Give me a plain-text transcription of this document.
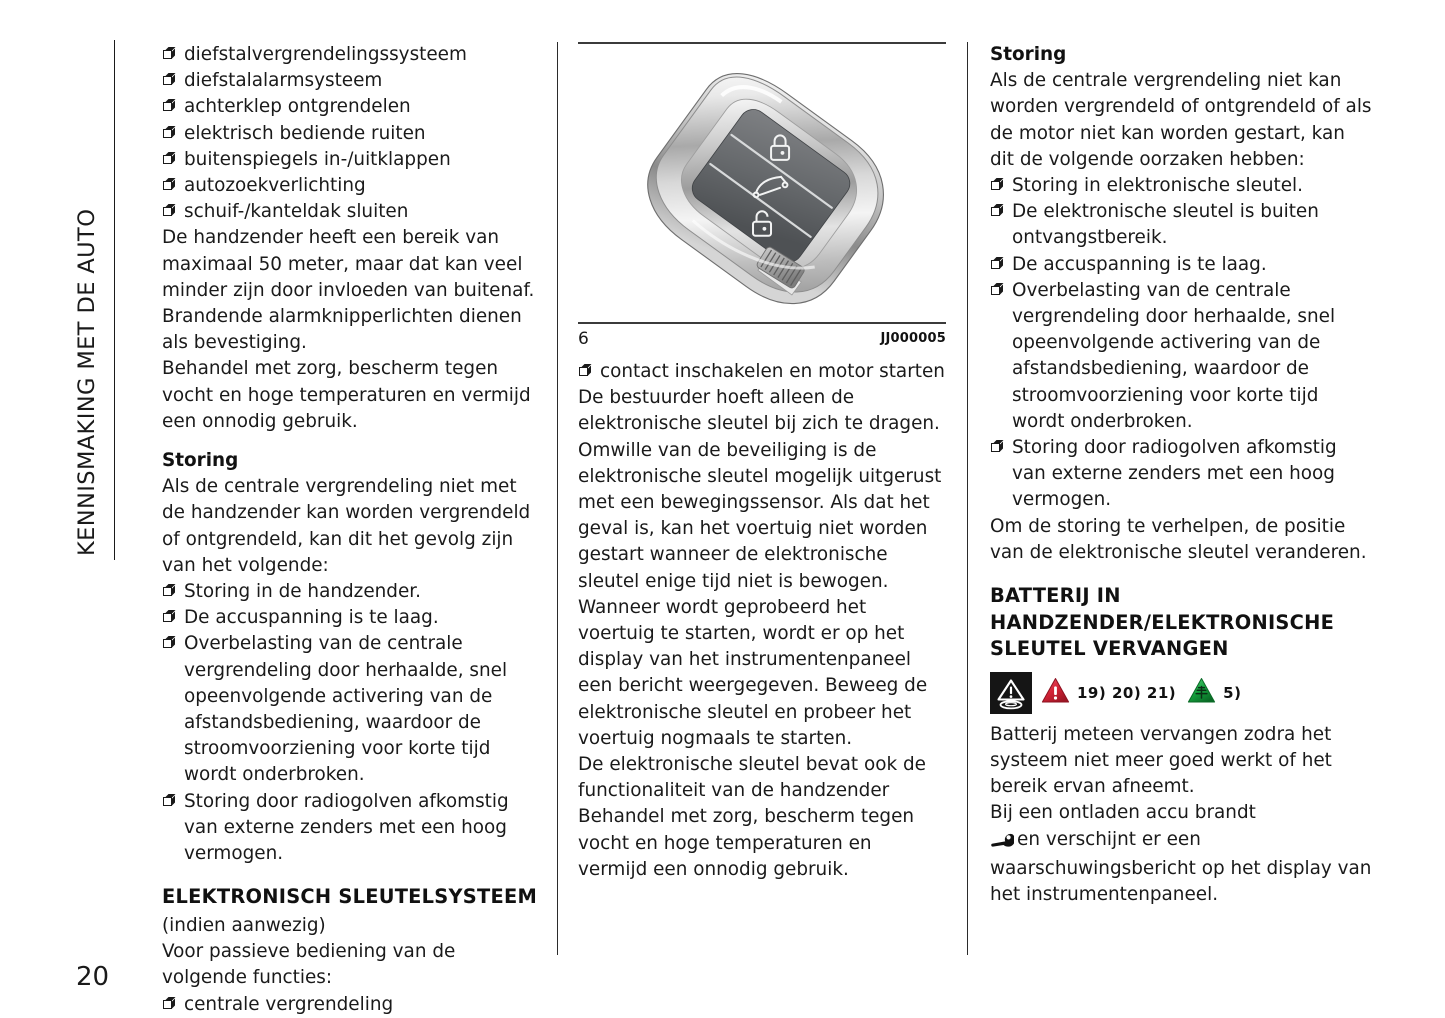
KENNISMAKING MET DE AUTO
20
diefstalvergrendelingssysteem
diefstalalarmsysteem
achterklep ontgrendelen
elektrisch bediende ruiten
buitenspiegels in-/uitklappen
autozoekverlichting
schuif-/kanteldak sluiten

De handzender heeft een bereik van maximaal 50 meter, maar dat kan veel minder zijn door invloeden van buitenaf. Brandende alarmknipperlichten dienen als bevestiging.

Behandel met zorg, bescherm tegen vocht en hoge temperaturen en vermijd een onnodig gebruik.

Storing

Als de centrale vergrendeling niet met de handzender kan worden vergrendeld of ontgrendeld, kan dit het gevolg zijn van het volgende:

Storing in de handzender.
De accuspanning is te laag.
Overbelasting van de centrale vergrendeling door herhaalde, snel opeenvolgende activering van de afstandsbediening, waardoor de stroomvoorziening voor korte tijd wordt onderbroken.
Storing door radiogolven afkomstig van externe zenders met een hoog vermogen.
ELEKTRONISCH SLEUTELSYSTEEM

(indien aanwezig)

Voor passieve bediening van de volgende functies:

centrale vergrendeling
6	JJ000005
contact inschakelen en motor starten

De bestuurder hoeft alleen de elektronische sleutel bij zich te dragen. Omwille van de beveiliging is de elektronische sleutel mogelijk uitgerust met een bewegingssensor. Als dat het geval is, kan het voertuig niet worden gestart wanneer de elektronische sleutel enige tijd niet is bewogen. Wanneer wordt geprobeerd het voertuig te starten, wordt er op het display van het instrumentenpaneel een bericht weergegeven. Beweeg de elektronische sleutel en probeer het voertuig nogmaals te starten.

De elektronische sleutel bevat ook de functionaliteit van de handzender

Behandel met zorg, bescherm tegen vocht en hoge temperaturen en vermijd een onnodig gebruik.

Storing

Als de centrale vergrendeling niet kan worden vergrendeld of ontgrendeld of als de motor niet kan worden gestart, kan dit de volgende oorzaken hebben:

Storing in elektronische sleutel.
De elektronische sleutel is buiten ontvangstbereik.
De accuspanning is te laag.
Overbelasting van de centrale vergrendeling door herhaalde, snel opeenvolgende activering van de afstandsbediening, waardoor de stroomvoorziening voor korte tijd wordt onderbroken.
Storing door radiogolven afkomstig van externe zenders met een hoog vermogen.

Om de storing te verhelpen, de positie van de elektronische sleutel veranderen.

BATTERIJ IN HANDZENDER/ELEKTRONISCHE SLEUTEL VERVANGEN
19) 20) 21)	5)

Batterij meteen vervangen zodra het systeem niet meer goed werkt of het bereik ervan afneemt.

Bij een ontladen accu brandt
en verschijnt er een waarschuwingsbericht op het display van het instrumentenpaneel.
